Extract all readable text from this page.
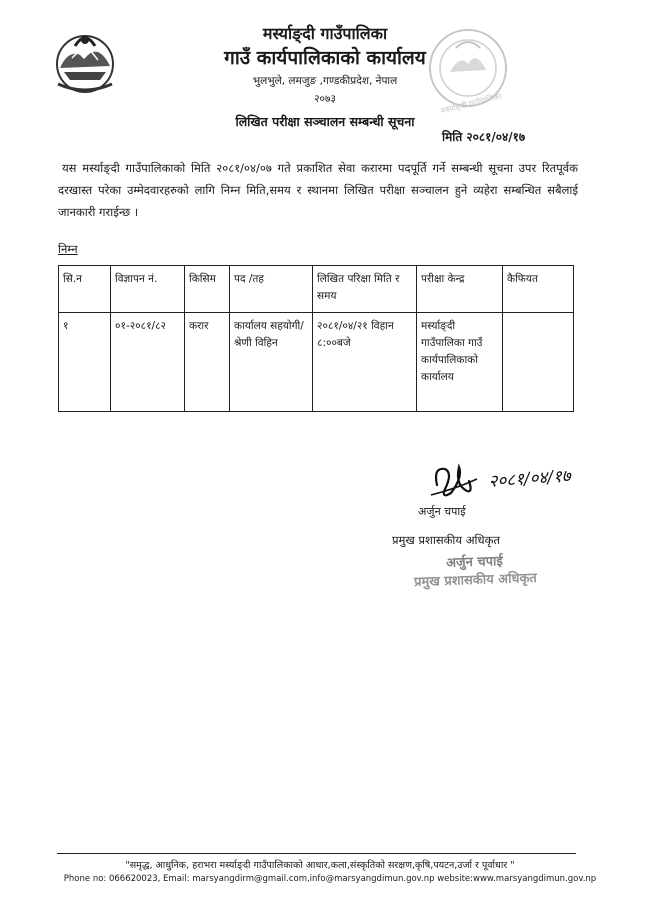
मर्स्याङ्दी गाउँपालिका
मर्स्याङ्दी गाउँपालिका
गाउँ कार्यपालिकाको कार्यालय
भुलभुले, लमजुङ ,गण्डकीप्रदेश, नेपाल
२०७३
लिखित परीक्षा सञ्चालन सम्बन्धी सूचना
मिति २०८१/०४/१७
यस मर्स्याङ्दी गाउँपालिकाको मिति २०८१/०४/०७ गते प्रकाशित सेवा करारमा पदपूर्ति गर्ने सम्बन्धी सूचना उपर रितपूर्वक दरखास्त परेका उम्मेदवारहरुको लागि निम्न मिति,समय र स्थानमा लिखित परीक्षा सञ्चालन हुने व्यहेरा सम्बन्धित सबैलाई जानकारी गराईन्छ ।
निम्न
सि.न	विज्ञापन नं.	किसिम	पद /तह	लिखित परिक्षा मिति र समय	परीक्षा केन्द्र	कैफियत
१	०१-२०८१/८२	करार	कार्यालय सहयोगी/श्रेणी विहिन	२०८१/०४/२१ विहान ८:००बजे	मर्स्याङ्दी गाउँपालिका गाउँ कार्यपालिकाको कार्यालय	
२०८१/०४/१७
अर्जुन चपाई
प्रमुख प्रशासकीय अधिकृत
अर्जुन चपाई
प्रमुख प्रशासकीय अधिकृत
"समृद्ध, आधुनिक, हराभरा मर्स्याङ्दी गाउँपालिकाको आधार,कला,संस्कृतिको सरक्षण,कृषि,पयटन,उर्जा र पूर्वाधार "
Phone no: 066620023, Email: marsyangdirm@gmail.com,info@marsyangdimun.gov.np website:www.marsyangdimun.gov.np
